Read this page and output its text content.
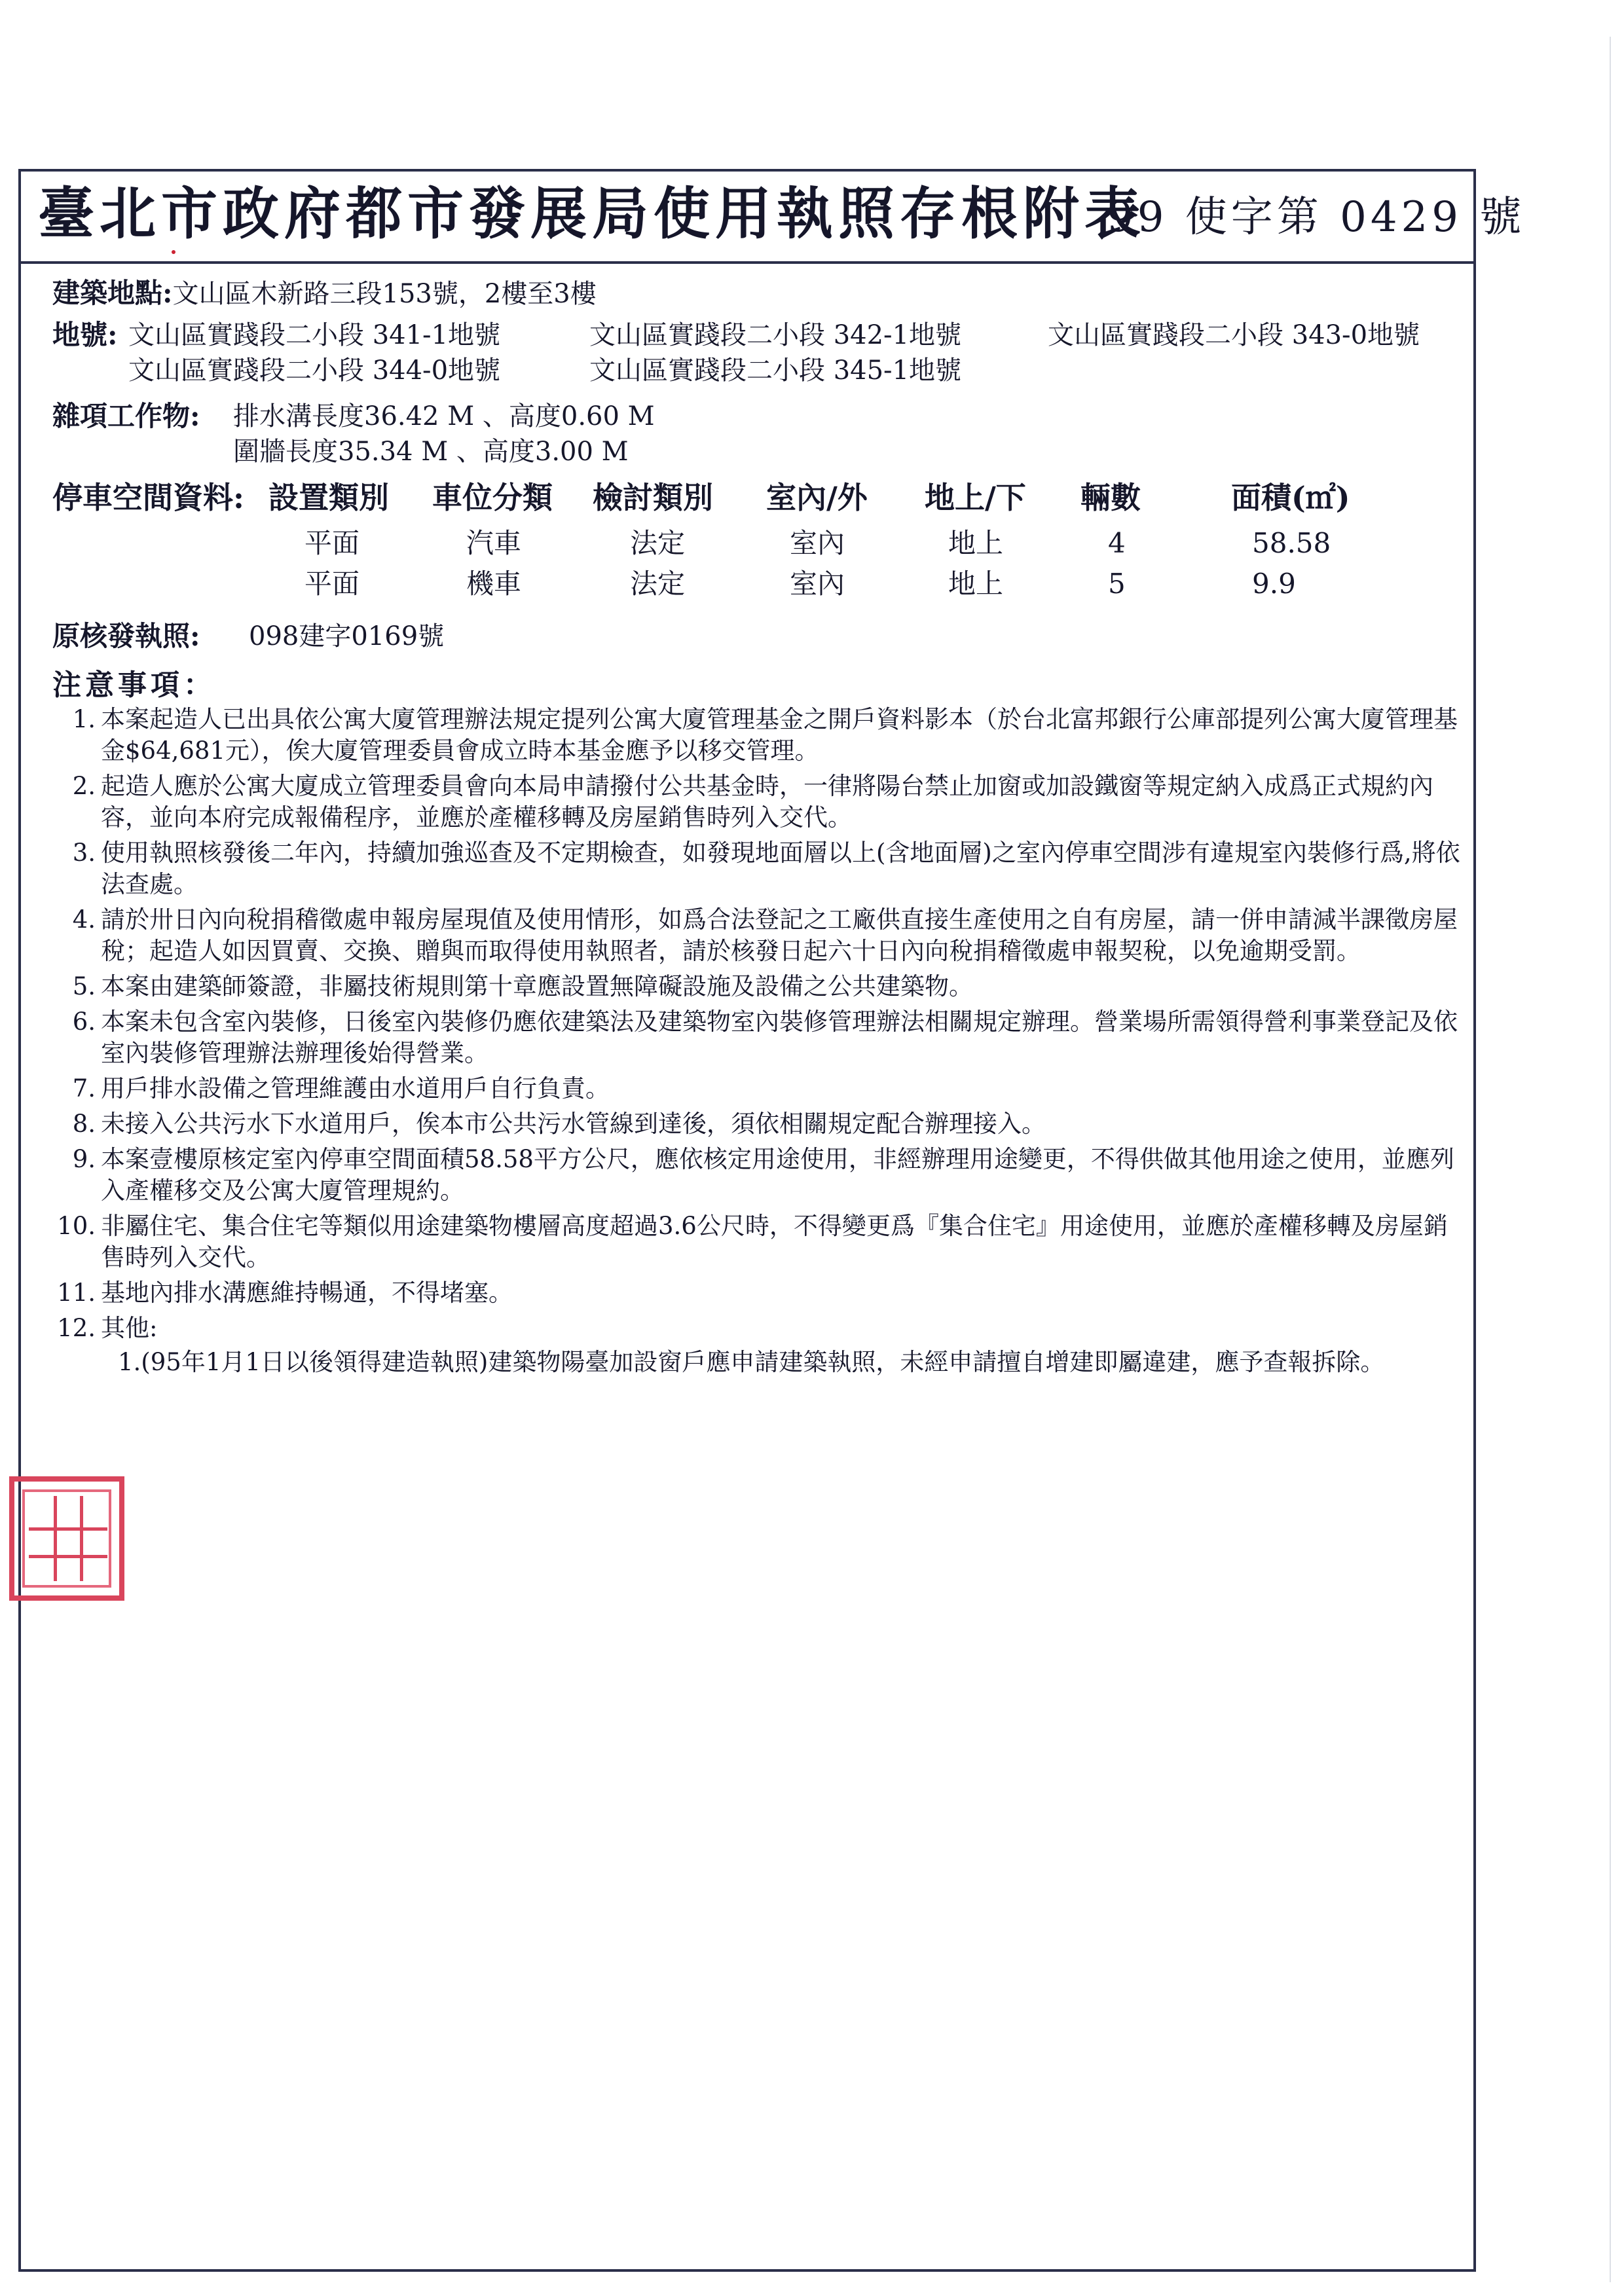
臺北市政府都市發展局使用執照存根附表
99 使字第 0429 號
建築地點:文山區木新路三段153號，2樓至3樓
地號: 文山區實踐段二小段 341-1地號	文山區實踐段二小段 342-1地號	文山區實踐段二小段 343-0地號
文山區實踐段二小段 344-0地號	文山區實踐段二小段 345-1地號
雜項工作物: 排水溝長度36.42 M 、高度0.60 M
圍牆長度35.34 M 、高度3.00 M
停車空間資料: 設置類別 車位分類 檢討類別 室內/外 地上/下 輛數	面積(㎡)
平面	汽車	法定	室內	地上	4	58.58
平面	機車	法定	室內	地上	5	9.9
原核發執照: 098建字0169號
注意事項：
1. 本案起造人已出具依公寓大廈管理辦法規定提列公寓大廈管理基金之開戶資料影本（於台北富邦銀行公庫部提列公寓大廈管理基金$64,681元），俟大廈管理委員會成立時本基金應予以移交管理。
2. 起造人應於公寓大廈成立管理委員會向本局申請撥付公共基金時，一律將陽台禁止加窗或加設鐵窗等規定納入成爲正式規約內容，並向本府完成報備程序，並應於產權移轉及房屋銷售時列入交代。
3. 使用執照核發後二年內，持續加強巡查及不定期檢查，如發現地面層以上(含地面層)之室內停車空間涉有違規室內裝修行爲,將依法查處。
4. 請於卅日內向稅捐稽徵處申報房屋現值及使用情形，如爲合法登記之工廠供直接生產使用之自有房屋，請一併申請減半課徵房屋稅；起造人如因買賣、交換、贈與而取得使用執照者，請於核發日起六十日內向稅捐稽徵處申報契稅，以免逾期受罰。
5. 本案由建築師簽證，非屬技術規則第十章應設置無障礙設施及設備之公共建築物。
6. 本案未包含室內裝修，日後室內裝修仍應依建築法及建築物室內裝修管理辦法相關規定辦理。營業場所需領得營利事業登記及依室內裝修管理辦法辦理後始得營業。
7. 用戶排水設備之管理維護由水道用戶自行負責。
8. 未接入公共污水下水道用戶，俟本市公共污水管線到達後，須依相關規定配合辦理接入。
9. 本案壹樓原核定室內停車空間面積58.58平方公尺，應依核定用途使用，非經辦理用途變更，不得供做其他用途之使用，並應列入產權移交及公寓大廈管理規約。
10. 非屬住宅、集合住宅等類似用途建築物樓層高度超過3.6公尺時，不得變更爲『集合住宅』用途使用，並應於產權移轉及房屋銷售時列入交代。
11. 基地內排水溝應維持暢通，不得堵塞。
12. 其他:
1.(95年1月1日以後領得建造執照)建築物陽臺加設窗戶應申請建築執照，未經申請擅自增建即屬違建，應予查報拆除。
